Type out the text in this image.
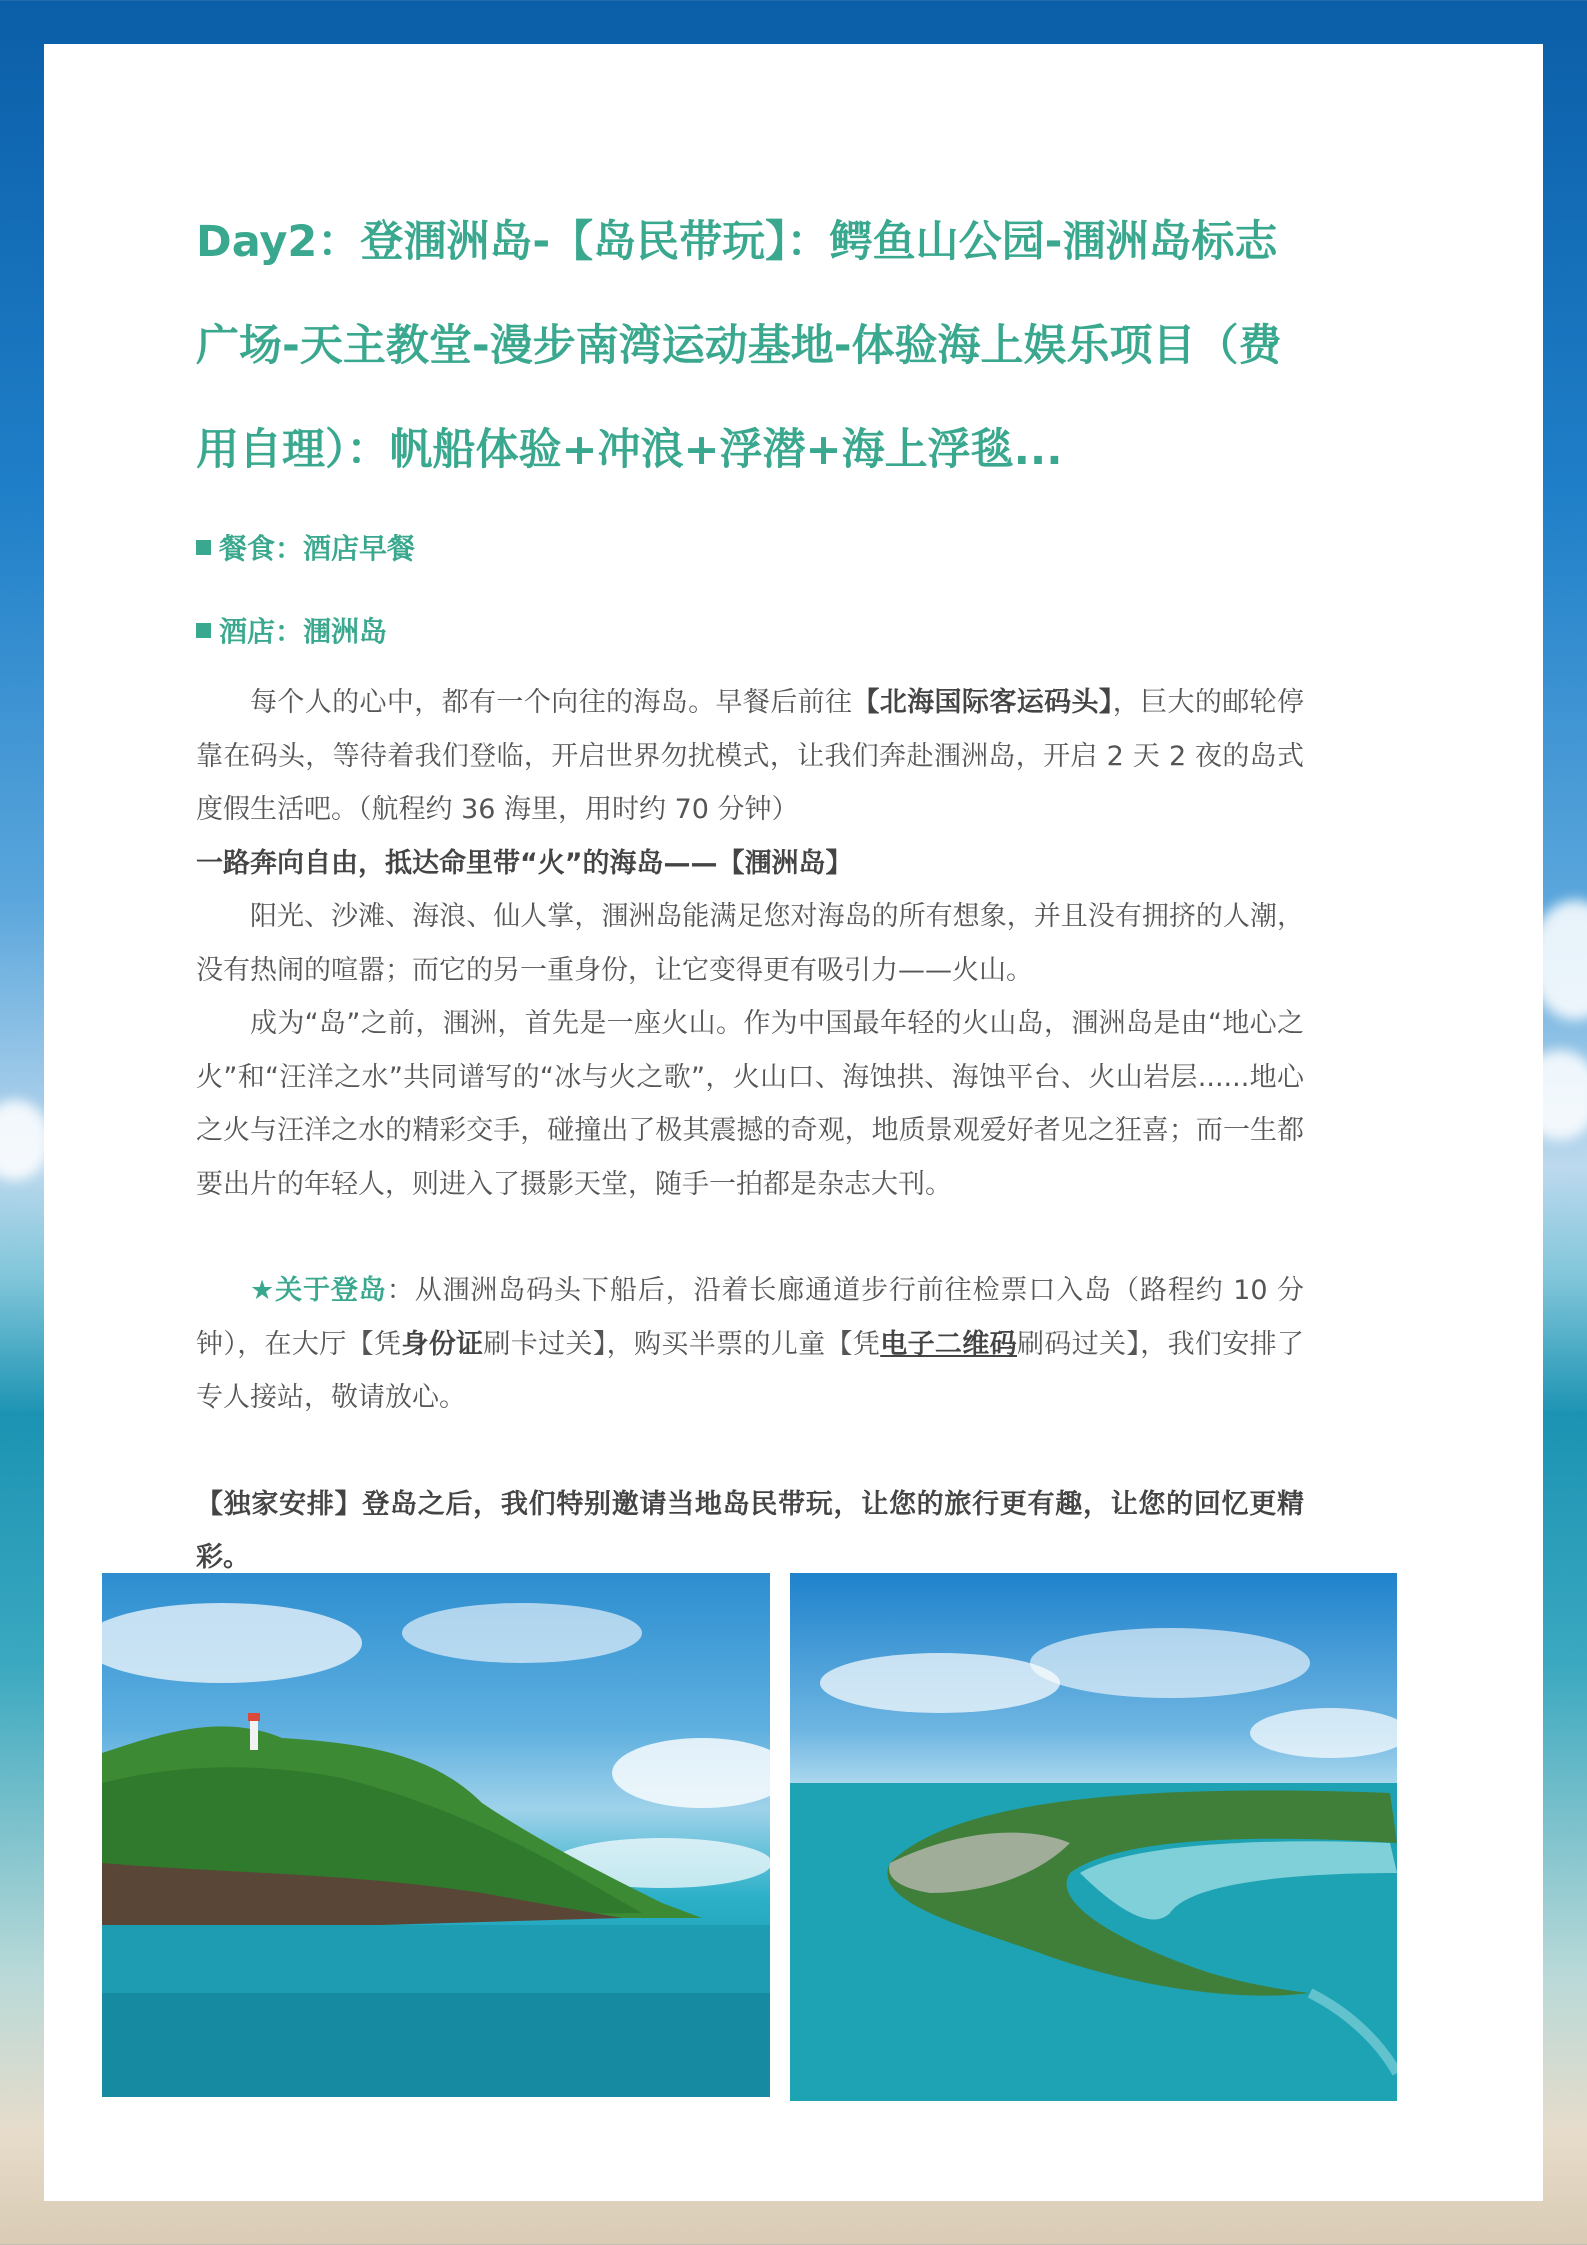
Day2：登涠洲岛-【岛民带玩】：鳄鱼山公园-涠洲岛标志广场-天主教堂-漫步南湾运动基地-体验海上娱乐项目（费用自理）：帆船体验+冲浪+浮潜+海上浮毯...
餐食：酒店早餐
酒店：涠洲岛

每个人的心中，都有一个向往的海岛。早餐后前往【北海国际客运码头】，巨大的邮轮停靠在码头，等待着我们登临，开启世界勿扰模式，让我们奔赴涠洲岛，开启 2 天 2 夜的岛式度假生活吧。（航程约 36 海里，用时约 70 分钟）

一路奔向自由，抵达命里带“火”的海岛——【涠洲岛】

阳光、沙滩、海浪、仙人掌，涠洲岛能满足您对海岛的所有想象，并且没有拥挤的人潮，没有热闹的喧嚣；而它的另一重身份，让它变得更有吸引力——火山。

成为“岛”之前，涠洲，首先是一座火山。作为中国最年轻的火山岛，涠洲岛是由“地心之火”和“汪洋之水”共同谱写的“冰与火之歌”，火山口、海蚀拱、海蚀平台、火山岩层......地心之火与汪洋之水的精彩交手，碰撞出了极其震撼的奇观，地质景观爱好者见之狂喜；而一生都要出片的年轻人，则进入了摄影天堂，随手一拍都是杂志大刊。

★关于登岛：从涠洲岛码头下船后，沿着长廊通道步行前往检票口入岛（路程约 10 分钟），在大厅【凭身份证刷卡过关】，购买半票的儿童【凭电子二维码刷码过关】，我们安排了专人接站，敬请放心。

【独家安排】登岛之后，我们特别邀请当地岛民带玩，让您的旅行更有趣，让您的回忆更精彩。
